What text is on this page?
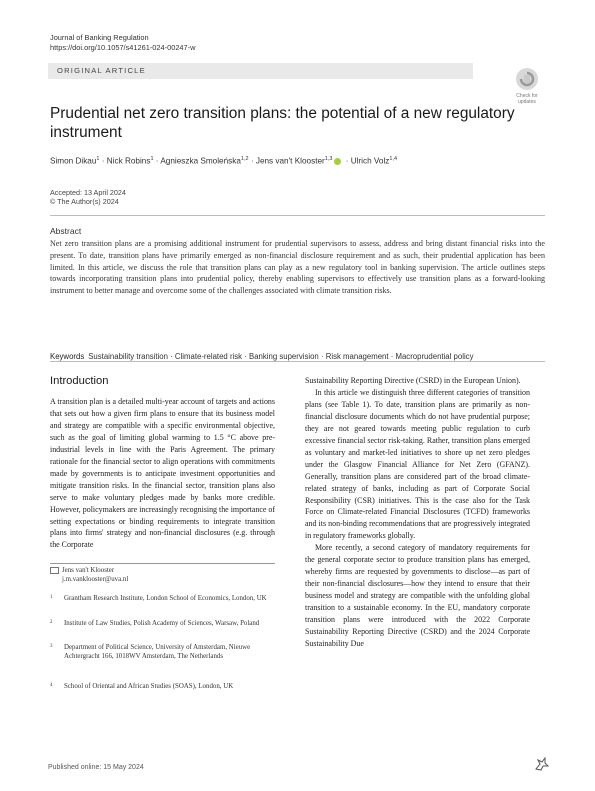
Journal of Banking Regulation
https://doi.org/10.1057/s41261-024-00247-w
ORIGINAL ARTICLE
Check for
updates
Prudential net zero transition plans: the potential of a new regulatory instrument
Simon Dikau$^1$ · Nick Robins$^1$ · Agnieszka Smoleńska$^{1,2}$ · Jens van't Klooster$^{1,3}$ · Ulrich Volz$^{1,4}$
Accepted: 13 April 2024
© The Author(s) 2024
Abstract
Net zero transition plans are a promising additional instrument for prudential supervisors to assess, address and bring distant financial risks into the present. To date, transition plans have primarily emerged as non-financial disclosure requirement and as such, their prudential application has been limited. In this article, we discuss the role that transition plans can play as a new regulatory tool in banking supervision. The article outlines steps towards incorporating transition plans into prudential policy, thereby enabling supervisors to effectively use transition plans as a forward-looking instrument to better manage and overcome some of the challenges associated with climate transition risks.
Keywords Sustainability transition · Climate-related risk · Banking supervision · Risk management · Macroprudential policy
Introduction

A transition plan is a detailed multi-year account of targets and actions that sets out how a given firm plans to ensure that its business model and strategy are compatible with a specific environmental objective, such as the goal of limiting global warming to 1.5 °C above pre-industrial levels in line with the Paris Agreement. The primary rationale for the financial sector to align operations with commitments made by governments is to anticipate investment opportunities and mitigate transition risks. In the financial sector, transition plans also serve to make voluntary pledges made by banks more credible. However, policymakers are increasingly recognising the importance of setting expectations or binding requirements to integrate transition plans into firms' strategy and non-financial disclosures (e.g. through the Corporate

Sustainability Reporting Directive (CSRD) in the European Union).

In this article we distinguish three different categories of transition plans (see Table 1). To date, transition plans are primarily as non-financial disclosure documents which do not have prudential purpose; they are not geared towards meeting public regulation to curb excessive financial sector risk-taking. Rather, transition plans emerged as voluntary and market-led initiatives to shore up net zero pledges under the Glasgow Financial Alliance for Net Zero (GFANZ). Generally, transition plans are considered part of the broad climate-related strategy of banks, including as part of Corporate Social Responsibility (CSR) initiatives. This is the case also for the Task Force on Climate-related Financial Disclosures (TCFD) frameworks and its non-binding recommendations that are progressively integrated in regulatory frameworks globally.

More recently, a second category of mandatory requirements for the general corporate sector to produce transition plans has emerged, whereby firms are requested by governments to disclose—as part of their non-financial disclosures—how they intend to ensure that their business model and strategy are compatible with the unfolding global transition to a sustainable economy. In the EU, mandatory corporate transition plans were introduced with the 2022 Corporate Sustainability Reporting Directive (CSRD) and the 2024 Corporate Sustainability Due

Jens van't Klooster
j.m.vanklooster@uva.nl
1 Grantham Research Institute, London School of Economics, London, UK
2 Institute of Law Studies, Polish Academy of Sciences, Warsaw, Poland
3 Department of Political Science, University of Amsterdam, Nieuwe Achtergracht 166, 1018WV Amsterdam, The Netherlands
4 School of Oriental and African Studies (SOAS), London, UK
Published online: 15 May 2024
